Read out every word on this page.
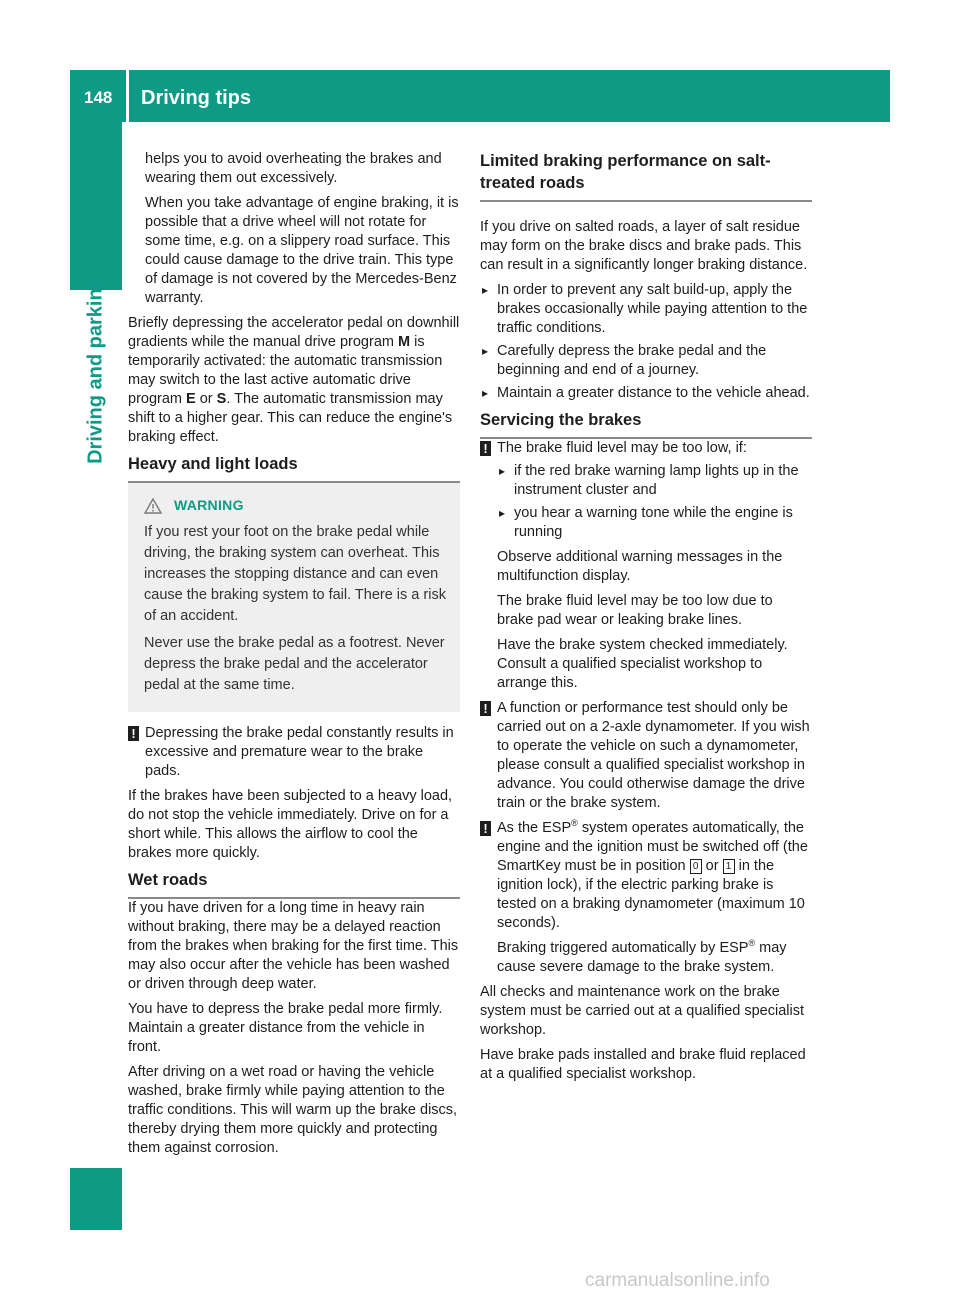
148 Driving tips
Driving and parking

helps you to avoid overheating the brakes and wearing them out excessively.

When you take advantage of engine braking, it is possible that a drive wheel will not rotate for some time, e.g. on a slippery road surface. This could cause damage to the drive train. This type of damage is not covered by the Mercedes-Benz warranty.

Briefly depressing the accelerator pedal on downhill gradients while the manual drive program M is temporarily activated: the automatic transmission may switch to the last active automatic drive program E or S. The automatic transmission may shift to a higher gear. This can reduce the engine's braking effect.

Heavy and light loads
WARNING

If you rest your foot on the brake pedal while driving, the braking system can overheat. This increases the stopping distance and can even cause the braking system to fail. There is a risk of an accident.

Never use the brake pedal as a footrest. Never depress the brake pedal and the accelerator pedal at the same time.

! Depressing the brake pedal constantly results in excessive and premature wear to the brake pads.

If the brakes have been subjected to a heavy load, do not stop the vehicle immediately. Drive on for a short while. This allows the airflow to cool the brakes more quickly.

Wet roads

If you have driven for a long time in heavy rain without braking, there may be a delayed reaction from the brakes when braking for the first time. This may also occur after the vehicle has been washed or driven through deep water.

You have to depress the brake pedal more firmly. Maintain a greater distance from the vehicle in front.

After driving on a wet road or having the vehicle washed, brake firmly while paying attention to the traffic conditions. This will warm up the brake discs, thereby drying them more quickly and protecting them against corrosion.

Limited braking performance on salt-treated roads

If you drive on salted roads, a layer of salt residue may form on the brake discs and brake pads. This can result in a significantly longer braking distance.

▸ In order to prevent any salt build-up, apply the brakes occasionally while paying attention to the traffic conditions.
▸ Carefully depress the brake pedal and the beginning and end of a journey.
▸ Maintain a greater distance to the vehicle ahead.
Servicing the brakes
! The brake fluid level may be too low, if:
▸ if the red brake warning lamp lights up in the instrument cluster and
▸ you hear a warning tone while the engine is running

Observe additional warning messages in the multifunction display.

The brake fluid level may be too low due to brake pad wear or leaking brake lines.

Have the brake system checked immediately. Consult a qualified specialist workshop to arrange this.

! A function or performance test should only be carried out on a 2-axle dynamometer. If you wish to operate the vehicle on such a dynamometer, please consult a qualified specialist workshop in advance. You could otherwise damage the drive train or the brake system.
! As the ESP® system operates automatically, the engine and the ignition must be switched off (the SmartKey must be in position 0 or 1 in the ignition lock), if the electric parking brake is tested on a braking dynamometer (maximum 10 seconds).

Braking triggered automatically by ESP® may cause severe damage to the brake system.

All checks and maintenance work on the brake system must be carried out at a qualified specialist workshop.

Have brake pads installed and brake fluid replaced at a qualified specialist workshop.

carmanualsonline.info
